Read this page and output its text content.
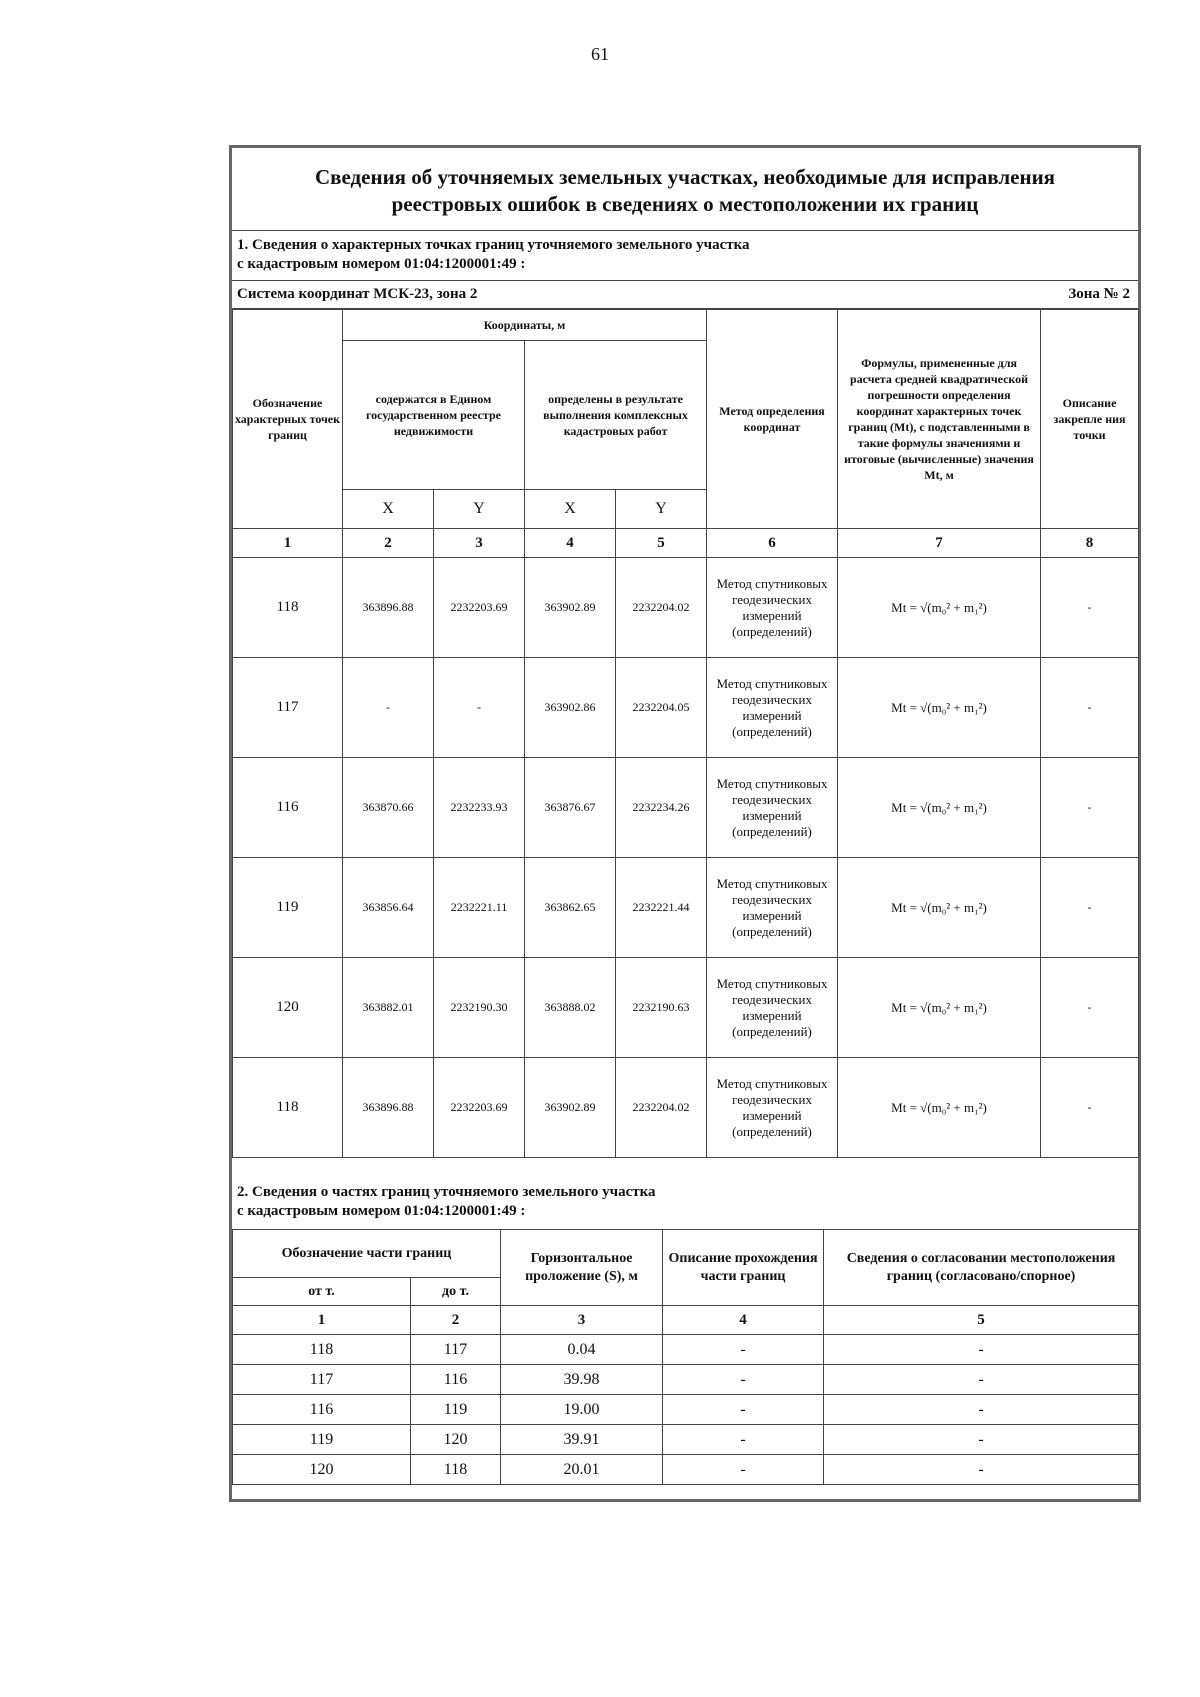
61
Сведения об уточняемых земельных участках, необходимые для исправления
реестровых ошибок в сведениях о местоположении их границ
1. Сведения о характерных точках границ уточняемого земельного участка
с кадастровым номером 01:04:1200001:49 :
Система координат МСК-23, зона 2	Зона № 2
Обозначение характерных точек границ	Координаты, м				Метод определения координат	Формулы, примененные для расчета средней квадратической погрешности определения координат характерных точек границ (Mt), с подставленными в такие формулы значениями и итоговые (вычисленные) значения Mt, м	Описание закрепле ния точки
	содержатся в Едином государственном реестре недвижимости		определены в результате выполнения комплексных кадастровых работ				
	X	Y	X	Y			
1	2	3	4	5	6	7	8
118	363896.88	2232203.69	363902.89	2232204.02	Метод спутниковых геодезических измерений (определений)	Mt = √(m₀² + m₁²)	-
117	-	-	363902.86	2232204.05	Метод спутниковых геодезических измерений (определений)	Mt = √(m₀² + m₁²)	-
116	363870.66	2232233.93	363876.67	2232234.26	Метод спутниковых геодезических измерений (определений)	Mt = √(m₀² + m₁²)	-
119	363856.64	2232221.11	363862.65	2232221.44	Метод спутниковых геодезических измерений (определений)	Mt = √(m₀² + m₁²)	-
120	363882.01	2232190.30	363888.02	2232190.63	Метод спутниковых геодезических измерений (определений)	Mt = √(m₀² + m₁²)	-
118	363896.88	2232203.69	363902.89	2232204.02	Метод спутниковых геодезических измерений (определений)	Mt = √(m₀² + m₁²)	-
2. Сведения о частях границ уточняемого земельного участка
с кадастровым номером 01:04:1200001:49 :
Обозначение части границ		Горизонтальное проложение (S), м	Описание прохождения части границ	Сведения о согласовании местоположения границ (согласовано/спорное)
от т.	до т.			
1	2	3	4	5
118	117	0.04	-	-
117	116	39.98	-	-
116	119	19.00	-	-
119	120	39.91	-	-
120	118	20.01	-	-
